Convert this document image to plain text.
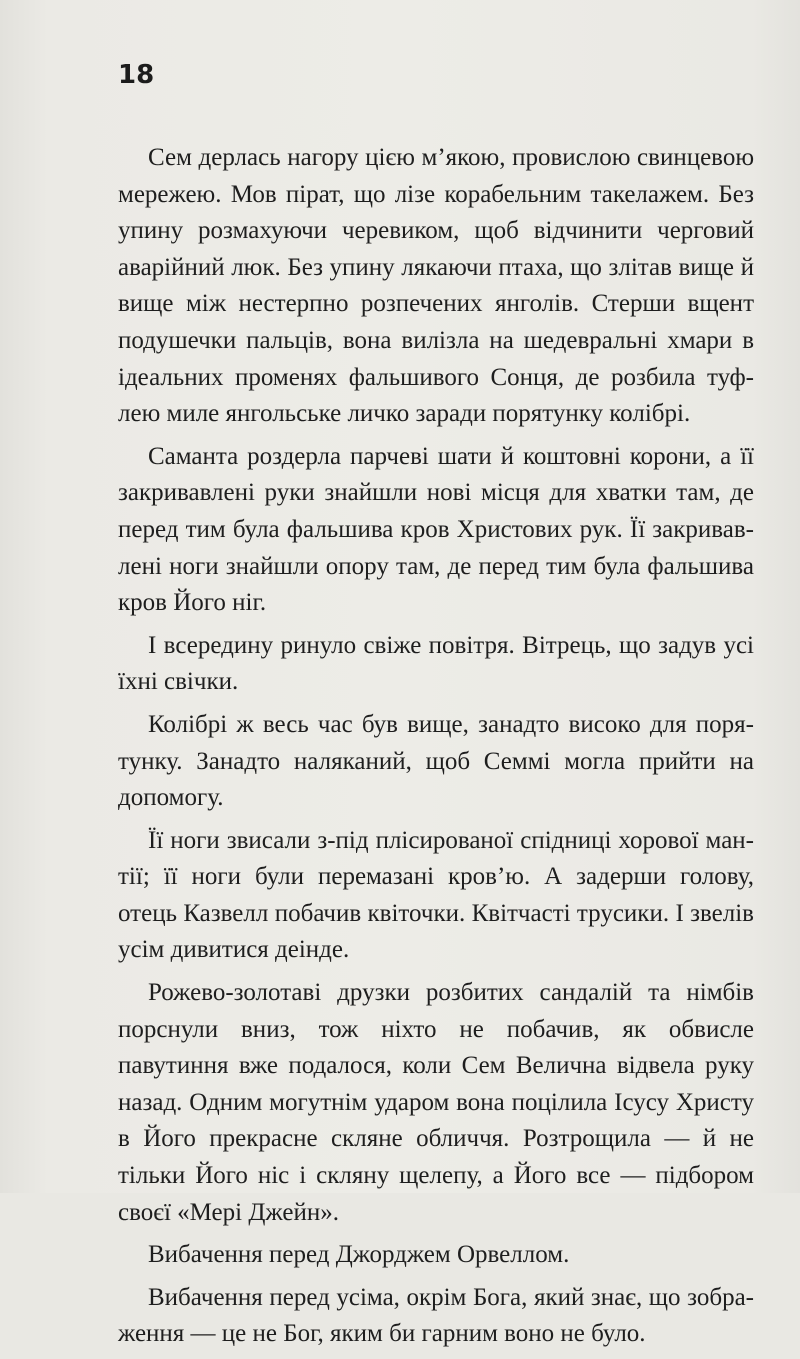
18

Сем дерлась нагору цією м’якою, провислою свинцевою мережею. Мов пірат, що лізе корабельним такелажем. Без упину розмахуючи черевиком, щоб відчинити черговий аварійний люк. Без упину лякаючи птаха, що злітав вище й вище між нестерпно розпечених янголів. Стерши вщент подушечки пальців, вона вилізла на шедевральні хмари в ідеальних променях фальшивого Сонця, де розбила туфлею миле янгольське личко заради порятунку колібрі.

Саманта роздерла парчеві шати й коштовні корони, а її закривавлені руки знайшли нові місця для хватки там, де перед тим була фальшива кров Христових рук. Її закривавлені ноги знайшли опору там, де перед тим була фальшива кров Його ніг.

І всередину ринуло свіже повітря. Вітрець, що задув усі їхні свічки.

Колібрі ж весь час був вище, занадто високо для порятунку. Занадто наляканий, щоб Семмі могла прийти на допомогу.

Її ноги звисали з-під плісированої спідниці хорової мантії; її ноги були перемазані кров’ю. А задерши голову, отець Казвелл побачив квіточки. Квітчасті трусики. І звелів усім дивитися деінде.

Рожево-золотаві друзки розбитих сандалій та німбів порснули вниз, тож ніхто не побачив, як обвисле павутиння вже подалося, коли Сем Велична відвела руку назад. Одним могутнім ударом вона поцілила Ісусу Христу в Його прекрасне скляне обличчя. Розтрощила — й не тільки Його ніс і скляну щелепу, а Його все — підбором своєї «Мері Джейн».

Вибачення перед Джорджем Орвеллом.

Вибачення перед усіма, окрім Бога, який знає, що зображення — це не Бог, яким би гарним воно не було.
